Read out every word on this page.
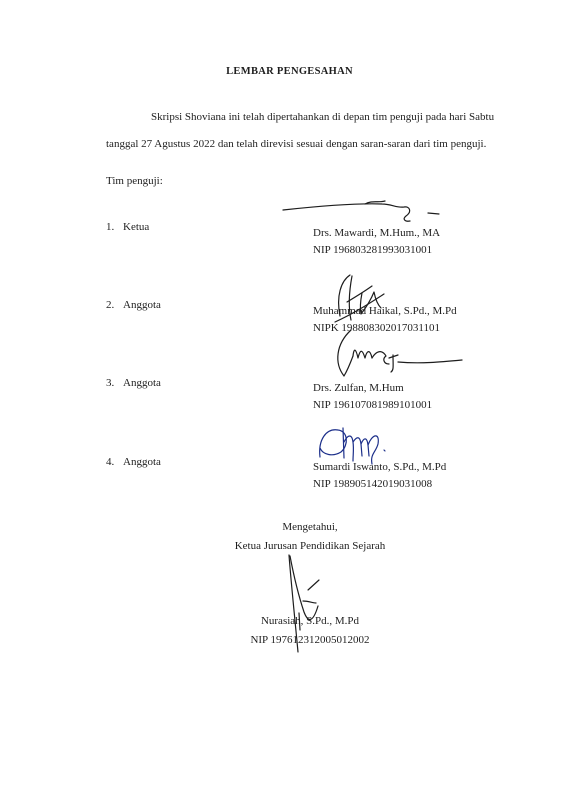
LEMBAR PENGESAHAN
Skripsi Shoviana ini telah dipertahankan di depan tim penguji pada hari Sabtu
tanggal 27 Agustus 2022 dan telah direvisi sesuai dengan saran-saran dari tim penguji.
Tim penguji:
1. Ketua	Drs. Mawardi, M.Hum., MA
NIP 196803281993031001
2. Anggota	Muhammad Haikal, S.Pd., M.Pd
NIPK 198808302017031101
3. Anggota	Drs. Zulfan, M.Hum
NIP 196107081989101001
4. Anggota	Sumardi Iswanto, S.Pd., M.Pd
NIP 198905142019031008
Mengetahui,
Ketua Jurusan Pendidikan Sejarah
Nurasiah, S.Pd., M.Pd
NIP 197612312005012002
